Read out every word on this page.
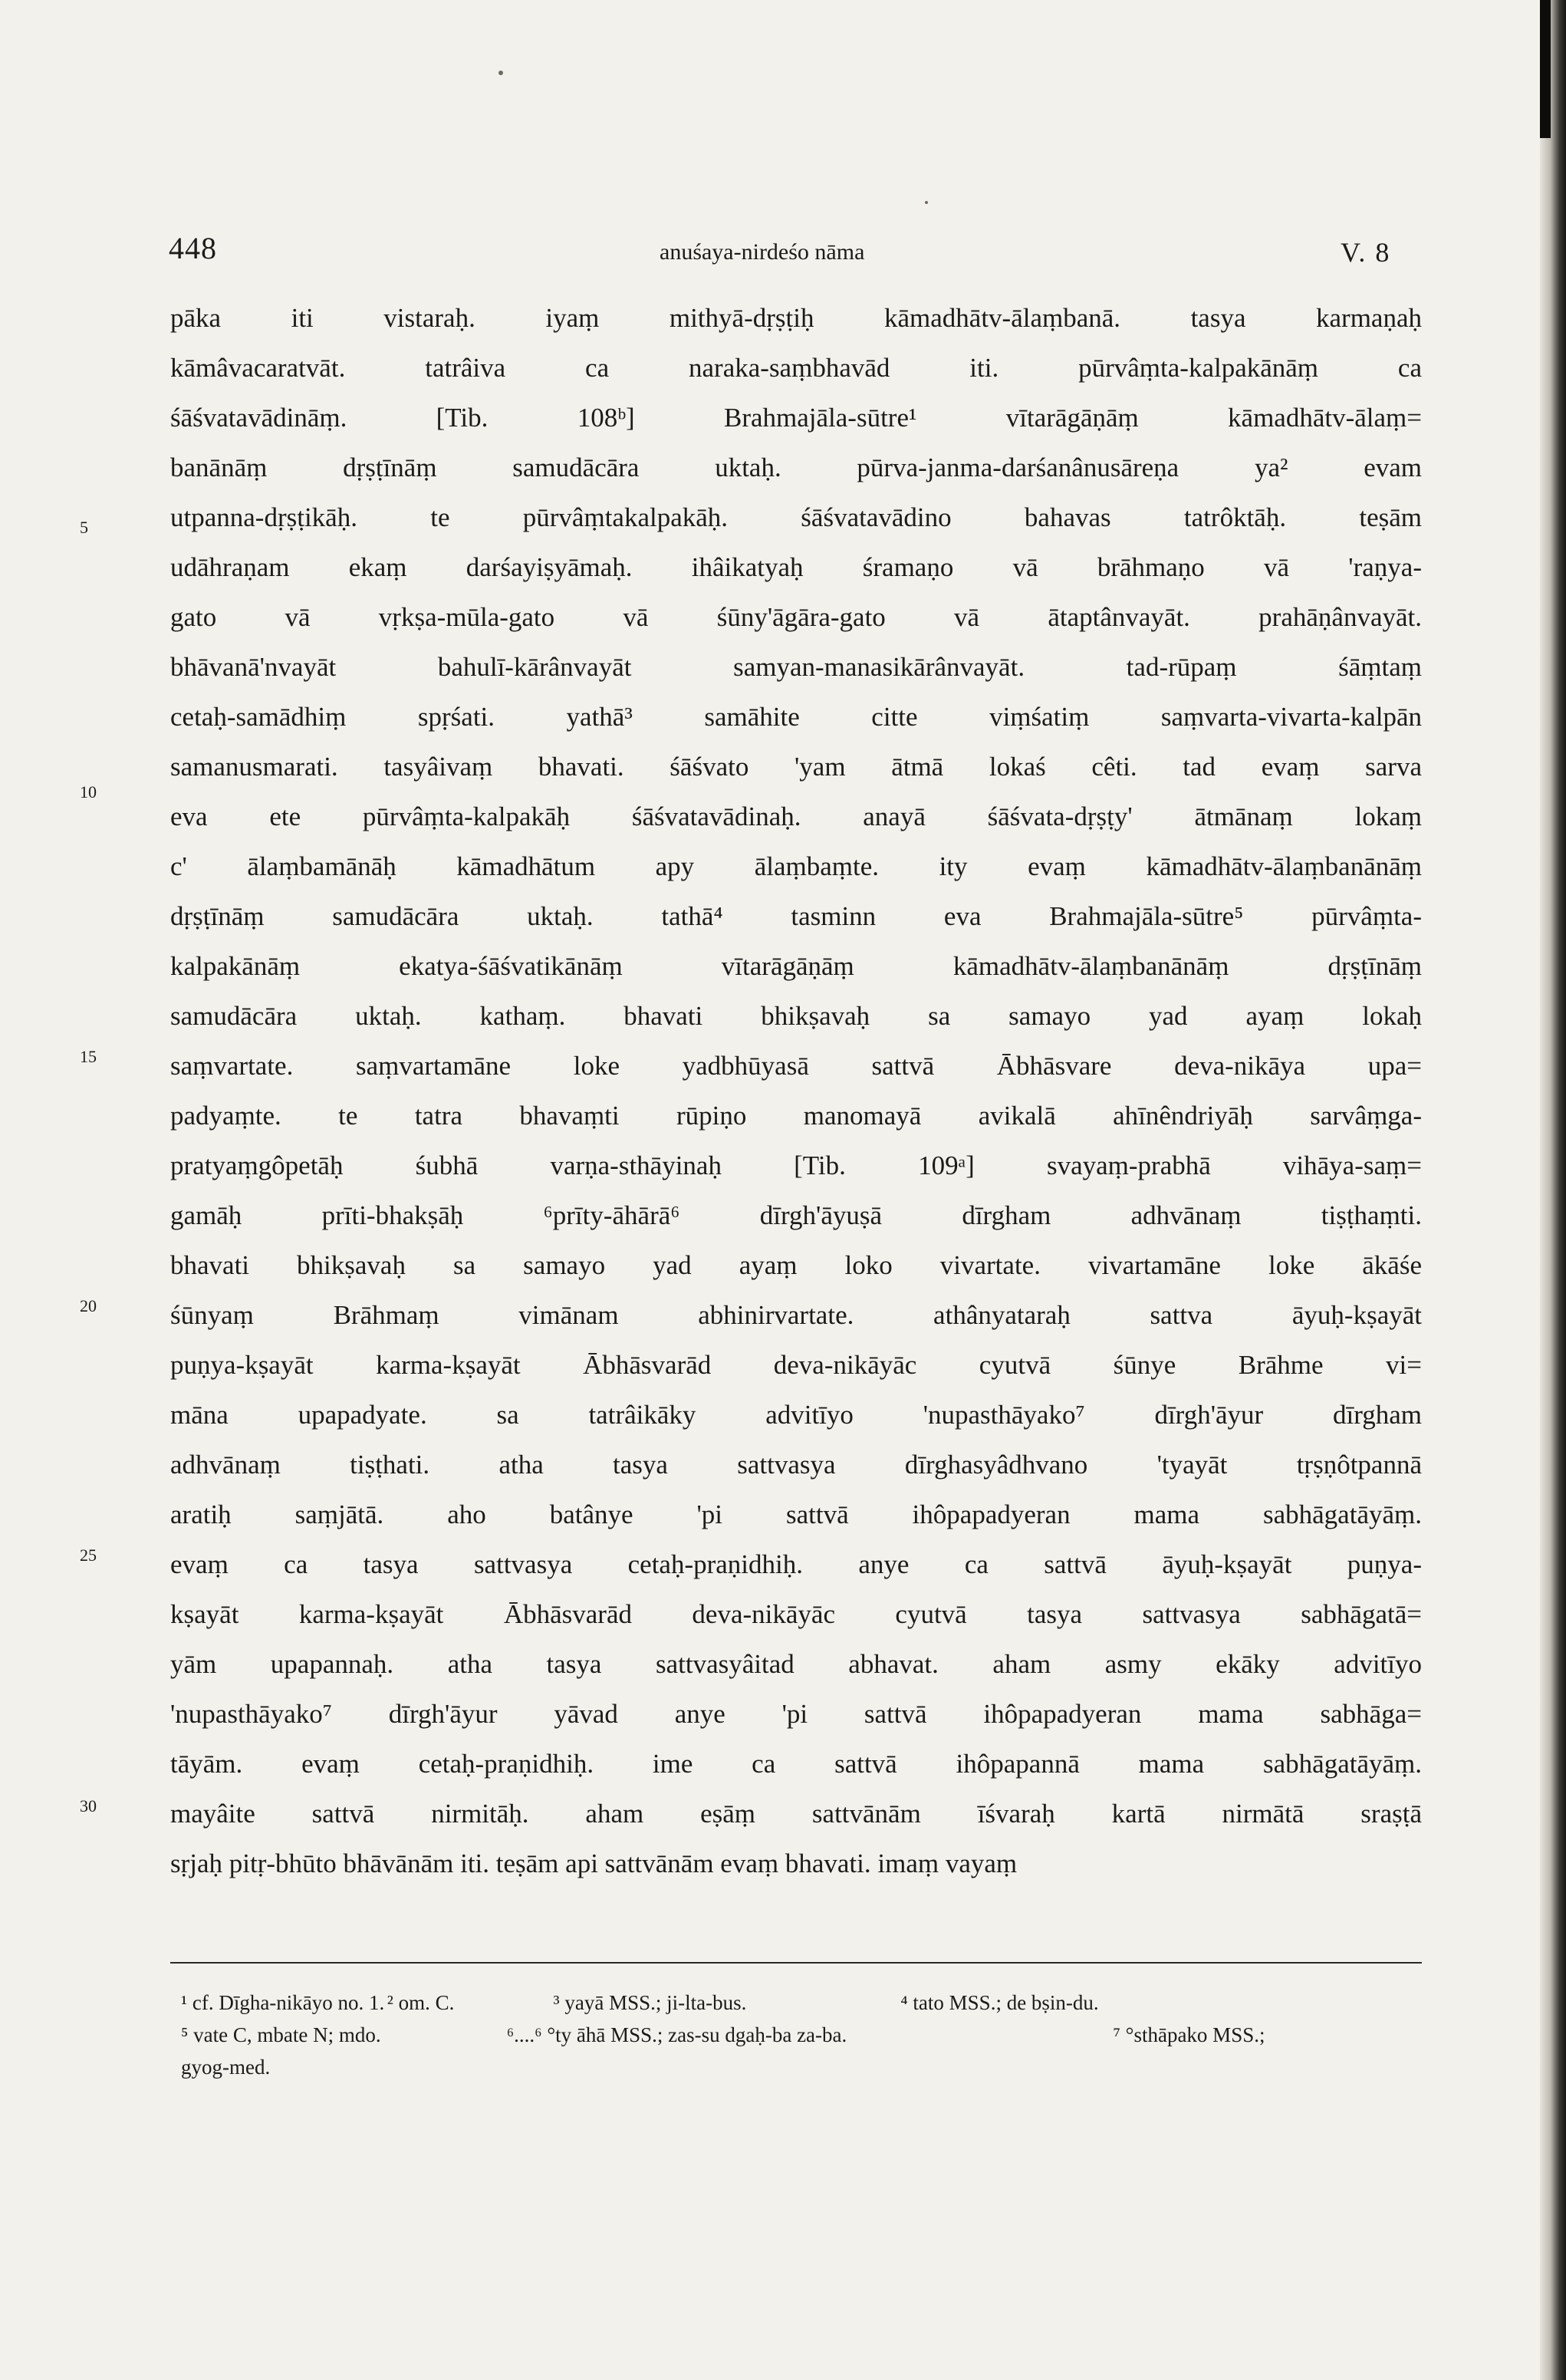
448	anuśaya-nirdeśo nāma	V. 8
pāka iti vistaraḥ. iyaṃ mithyā-dṛṣṭiḥ kāmadhātv-ālaṃbanā. tasya karmaṇaḥ
kāmâvacaratvāt. tatrâiva ca naraka-saṃbhavād iti. pūrvâṃta-kalpakānāṃ ca
śāśvatavādināṃ. [Tib. 108ᵇ] Brahmajāla-sūtre¹ vītarāgāṇāṃ kāmadhātv-ālaṃ=
banānāṃ dṛṣṭīnāṃ samudācāra uktaḥ. pūrva-janma-darśanânusāreṇa ya² evam
utpanna-dṛṣṭikāḥ. te pūrvâṃtakalpakāḥ. śāśvatavādino bahavas tatrôktāḥ. teṣām
udāhraṇam ekaṃ darśayiṣyāmaḥ. ihâikatyaḥ śramaṇo vā brāhmaṇo vā 'raṇya-
gato vā vṛkṣa-mūla-gato vā śūny'āgāra-gato vā ātaptânvayāt. prahāṇânvayāt.
bhāvanā'nvayāt bahulī-kārânvayāt samyan-manasikārânvayāt. tad-rūpaṃ śāṃtaṃ
cetaḥ-samādhiṃ spṛśati. yathā³ samāhite citte viṃśatiṃ saṃvarta-vivarta-kalpān
samanusmarati. tasyâivaṃ bhavati. śāśvato 'yam ātmā lokaś cêti. tad evaṃ sarva
eva ete pūrvâṃta-kalpakāḥ śāśvatavādinaḥ. anayā śāśvata-dṛṣṭy' ātmānaṃ lokaṃ
c' ālaṃbamānāḥ kāmadhātum apy ālaṃbaṃte. ity evaṃ kāmadhātv-ālaṃbanānāṃ
dṛṣṭīnāṃ samudācāra uktaḥ. tathā⁴ tasminn eva Brahmajāla-sūtre⁵ pūrvâṃta-
kalpakānāṃ ekatya-śāśvatikānāṃ vītarāgāṇāṃ kāmadhātv-ālaṃbanānāṃ dṛṣṭīnāṃ
samudācāra uktaḥ. kathaṃ. bhavati bhikṣavaḥ sa samayo yad ayaṃ lokaḥ
saṃvartate. saṃvartamāne loke yadbhūyasā sattvā Ābhāsvare deva-nikāya upa=
padyaṃte. te tatra bhavaṃti rūpiṇo manomayā avikalā ahīnêndriyāḥ sarvâṃga-
pratyaṃgôpetāḥ śubhā varṇa-sthāyinaḥ [Tib. 109ᵃ] svayaṃ-prabhā vihāya-saṃ=
gamāḥ prīti-bhakṣāḥ ⁶prīty-āhārā⁶ dīrgh'āyuṣā dīrgham adhvānaṃ tiṣṭhaṃti.
bhavati bhikṣavaḥ sa samayo yad ayaṃ loko vivartate. vivartamāne loke ākāśe
śūnyaṃ Brāhmaṃ vimānam abhinirvartate. athânyataraḥ sattva āyuḥ-kṣayāt
puṇya-kṣayāt karma-kṣayāt Ābhāsvarād deva-nikāyāc cyutvā śūnye Brāhme vi=
māna upapadyate. sa tatrâikāky advitīyo 'nupasthāyako⁷ dīrgh'āyur dīrgham
adhvānaṃ tiṣṭhati. atha tasya sattvasya dīrghasyâdhvano 'tyayāt tṛṣṇôtpannā
aratiḥ saṃjātā. aho batânye 'pi sattvā ihôpapadyeran mama sabhāgatāyāṃ.
evaṃ ca tasya sattvasya cetaḥ-praṇidhiḥ. anye ca sattvā āyuḥ-kṣayāt puṇya-
kṣayāt karma-kṣayāt Ābhāsvarād deva-nikāyāc cyutvā tasya sattvasya sabhāgatā=
yām upapannaḥ. atha tasya sattvasyâitad abhavat. aham asmy ekāky advitīyo
'nupasthāyako⁷ dīrgh'āyur yāvad anye 'pi sattvā ihôpapadyeran mama sabhāga=
tāyām. evaṃ cetaḥ-praṇidhiḥ. ime ca sattvā ihôpapannā mama sabhāgatāyāṃ.
mayâite sattvā nirmitāḥ. aham eṣāṃ sattvānām īśvaraḥ kartā nirmātā sraṣṭā
sṛjaḥ pitṛ-bhūto bhāvānām iti. teṣām api sattvānām evaṃ bhavati. imaṃ vayaṃ
5
10
15
20
25
30
¹ cf. Dīgha-nikāyo no. 1. ² om. C.	³ yayā MSS.; ji-lta-bus.	⁴ tato MSS.; de bṣin-du.
⁵ vate C, mbate N; mdo.	⁶....⁶ °ty āhā MSS.; zas-su dgaḥ-ba za-ba.	⁷ °sthāpako MSS.;
gyog-med.
